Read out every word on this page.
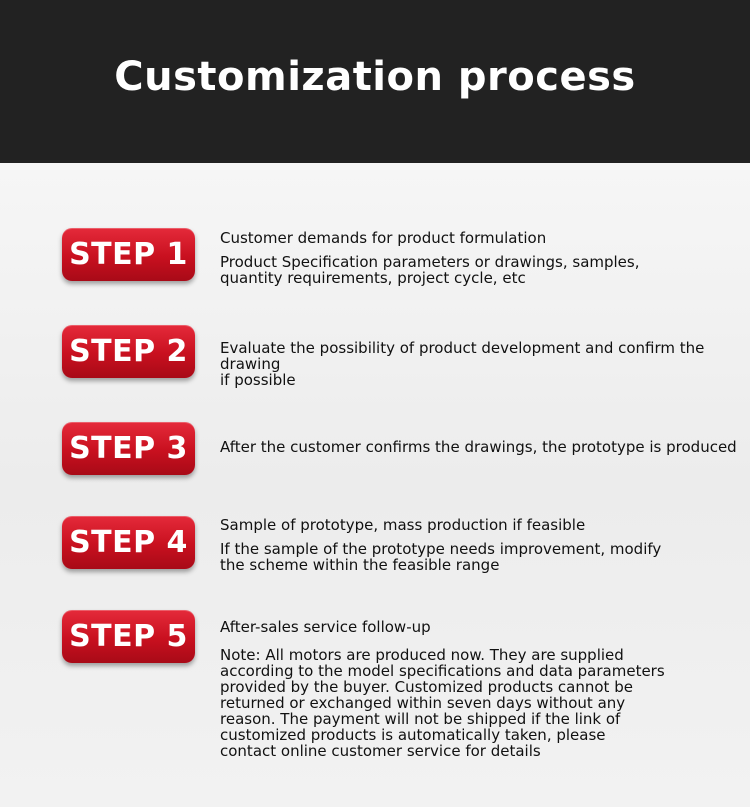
Customization process
STEP 1	Customer demands for product formulation
Product Specification parameters or drawings, samples,
quantity requirements, project cycle, etc
STEP 2	Evaluate the possibility of product development and confirm the drawing
if possible
STEP 3	After the customer confirms the drawings, the prototype is produced
STEP 4	Sample of prototype, mass production if feasible
If the sample of the prototype needs improvement, modify
the scheme within the feasible range
STEP 5	After-sales service follow-up
Note: All motors are produced now. They are supplied
according to the model specifications and data parameters
provided by the buyer. Customized products cannot be
returned or exchanged within seven days without any
reason. The payment will not be shipped if the link of
customized products is automatically taken, please
contact online customer service for details
